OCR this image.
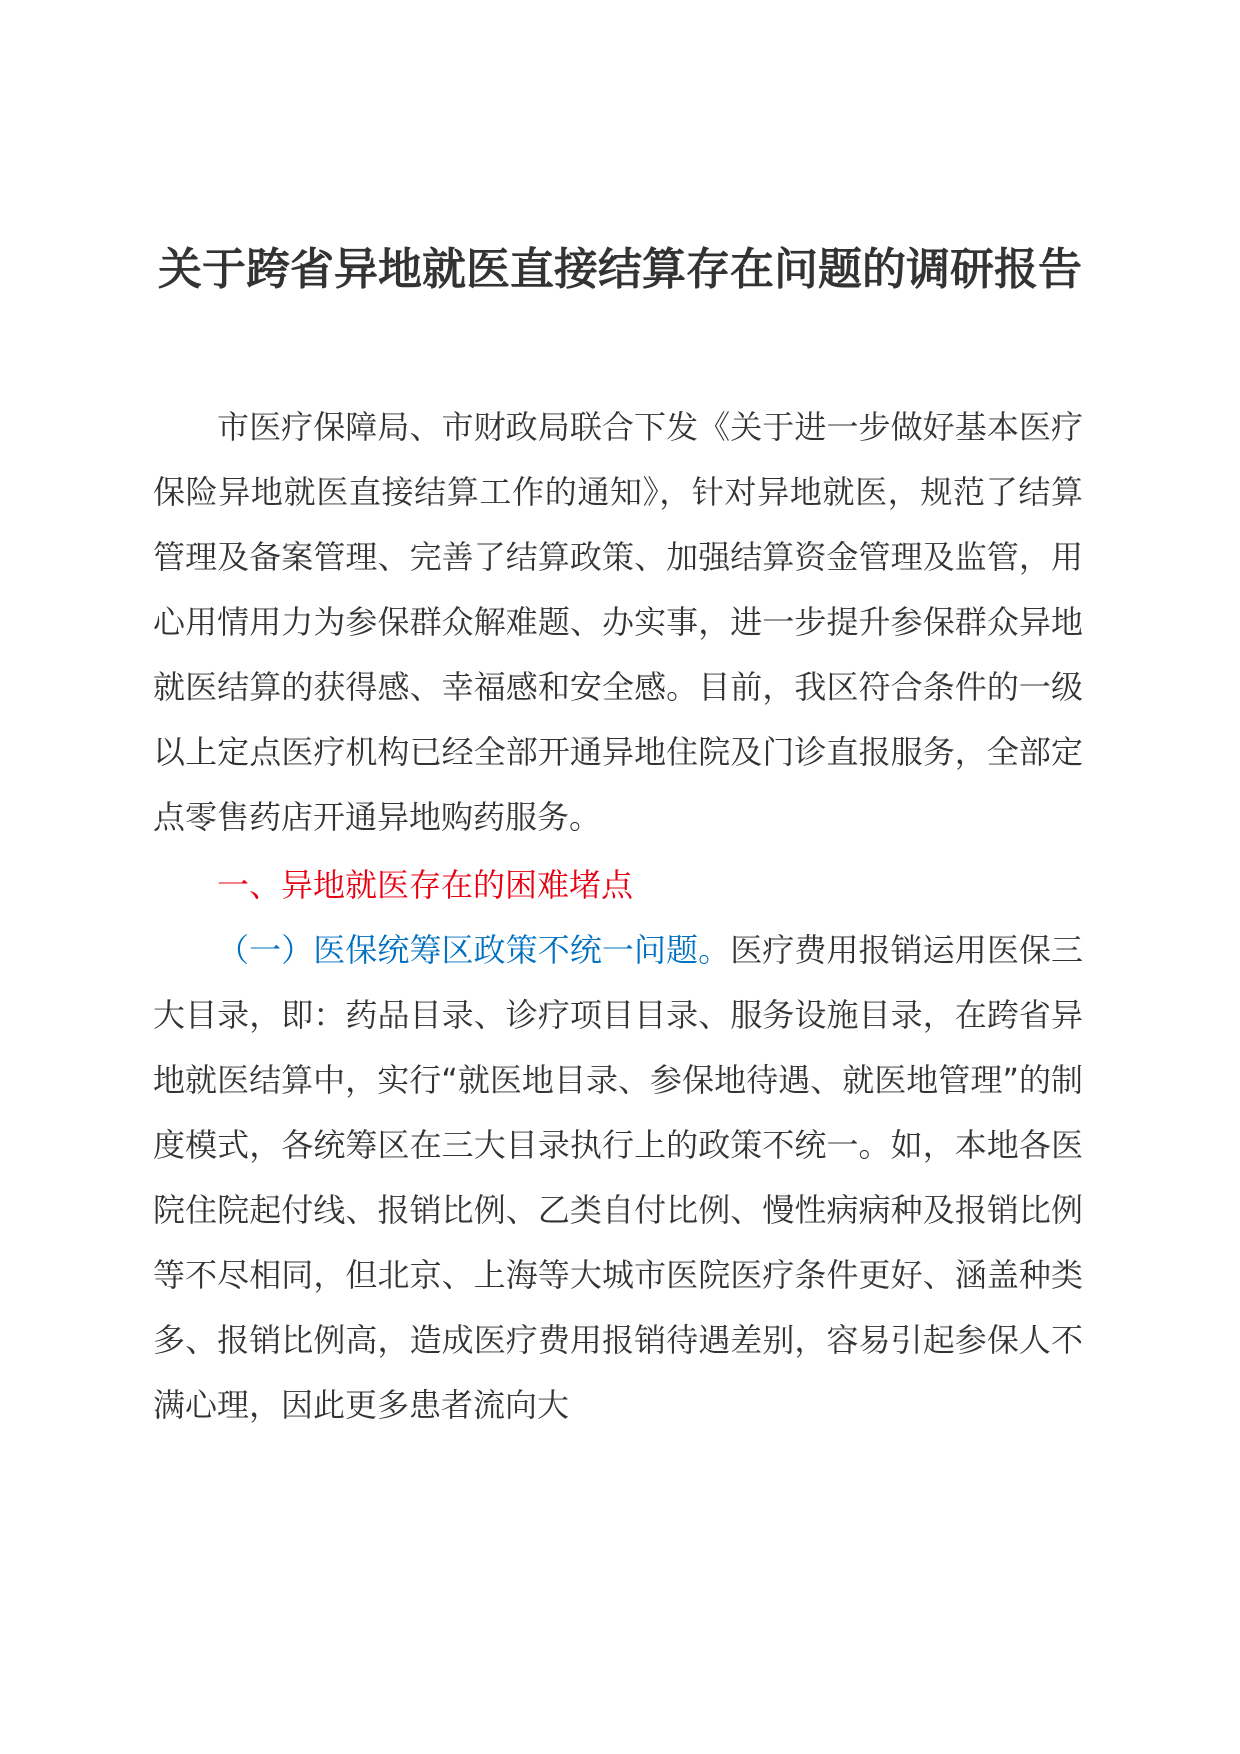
关于跨省异地就医直接结算存在问题的调研报告

市医疗保障局、市财政局联合下发《关于进一步做好基本医疗保险异地就医直接结算工作的通知》，针对异地就医，规范了结算管理及备案管理、完善了结算政策、加强结算资金管理及监管，用心用情用力为参保群众解难题、办实事，进一步提升参保群众异地就医结算的获得感、幸福感和安全感。目前，我区符合条件的一级以上定点医疗机构已经全部开通异地住院及门诊直报服务，全部定点零售药店开通异地购药服务。

一、异地就医存在的困难堵点

（一）医保统筹区政策不统一问题。医疗费用报销运用医保三大目录，即：药品目录、诊疗项目目录、服务设施目录，在跨省异地就医结算中，实行“就医地目录、参保地待遇、就医地管理”的制度模式，各统筹区在三大目录执行上的政策不统一。如，本地各医院住院起付线、报销比例、乙类自付比例、慢性病病种及报销比例等不尽相同，但北京、上海等大城市医院医疗条件更好、涵盖种类多、报销比例高，造成医疗费用报销待遇差别，容易引起参保人不满心理，因此更多患者流向大
